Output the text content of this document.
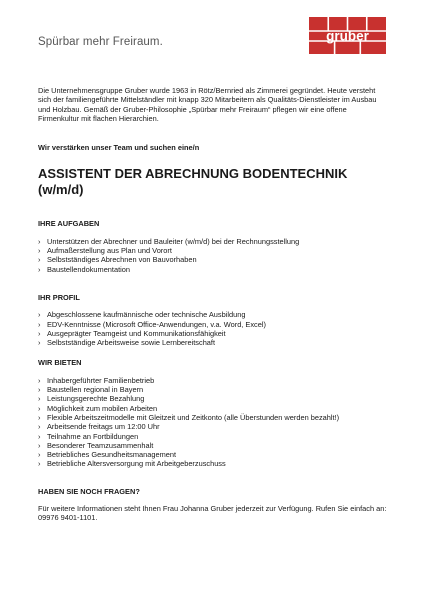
Spürbar mehr Freiraum.	gruber

Die Unternehmensgruppe Gruber wurde 1963 in Rötz/Bernried als Zimmerei gegründet. Heute versteht sich der familiengeführte Mittelständler mit knapp 320 Mitarbeitern als Qualitäts-Dienstleister im Ausbau und Holzbau. Gemäß der Gruber-Philosophie „Spürbar mehr Freiraum“ pflegen wir eine offene Firmenkultur mit flachen Hierarchien.

Wir verstärken unser Team und suchen eine/n

ASSISTENT DER ABRECHNUNG BODENTECHNIK (w/m/d)
IHRE AUFGABEN
› Unterstützen der Abrechner und Bauleiter (w/m/d) bei der Rechnungsstellung
› Aufmaßerstellung aus Plan und Vorort
› Selbstständiges Abrechnen von Bauvorhaben
› Baustellendokumentation
IHR PROFIL
› Abgeschlossene kaufmännische oder technische Ausbildung
› EDV-Kenntnisse (Microsoft Office-Anwendungen, v.a. Word, Excel)
› Ausgeprägter Teamgeist und Kommunikationsfähigkeit
› Selbstständige Arbeitsweise sowie Lernbereitschaft
WIR BIETEN
› Inhabergeführter Familienbetrieb
› Baustellen regional in Bayern
› Leistungsgerechte Bezahlung
› Möglichkeit zum mobilen Arbeiten
› Flexible Arbeitszeitmodelle mit Gleitzeit und Zeitkonto (alle Überstunden werden bezahlt!)
› Arbeitsende freitags um 12:00 Uhr
› Teilnahme an Fortbildungen
› Besonderer Teamzusammenhalt
› Betriebliches Gesundheitsmanagement
› Betriebliche Altersversorgung mit Arbeitgeberzuschuss
HABEN SIE NOCH FRAGEN?

Für weitere Informationen steht Ihnen Frau Johanna Gruber jederzeit zur Verfügung. Rufen Sie einfach an: 09976 9401-1101.
